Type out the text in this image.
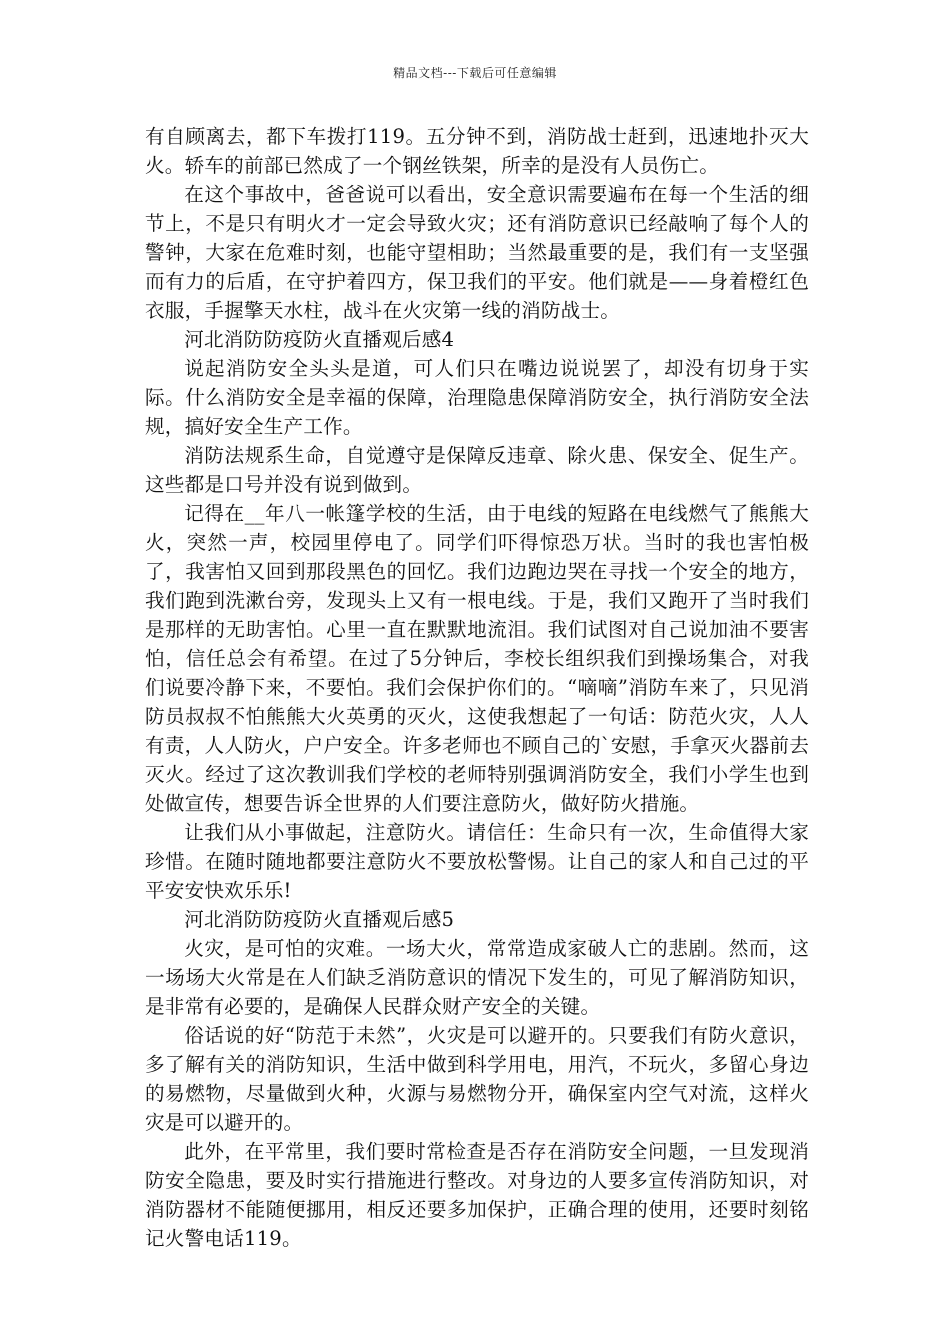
精品文档---下载后可任意编辑

有自顾离去，都下车拨打119。五分钟不到，消防战士赶到，迅速地扑灭大火。轿车的前部已然成了一个钢丝铁架，所幸的是没有人员伤亡。

在这个事故中，爸爸说可以看出，安全意识需要遍布在每一个生活的细节上，不是只有明火才一定会导致火灾；还有消防意识已经敲响了每个人的警钟，大家在危难时刻，也能守望相助；当然最重要的是，我们有一支坚强而有力的后盾，在守护着四方，保卫我们的平安。他们就是——身着橙红色衣服，手握擎天水柱，战斗在火灾第一线的消防战士。

河北消防防疫防火直播观后感4

说起消防安全头头是道，可人们只在嘴边说说罢了，却没有切身于实际。什么消防安全是幸福的保障，治理隐患保障消防安全，执行消防安全法规，搞好安全生产工作。

消防法规系生命，自觉遵守是保障反违章、除火患、保安全、促生产。这些都是口号并没有说到做到。

记得在__年八一帐篷学校的生活，由于电线的短路在电线燃气了熊熊大火，突然一声，校园里停电了。同学们吓得惊恐万状。当时的我也害怕极了，我害怕又回到那段黑色的回忆。我们边跑边哭在寻找一个安全的地方，我们跑到洗漱台旁，发现头上又有一根电线。于是，我们又跑开了当时我们是那样的无助害怕。心里一直在默默地流泪。我们试图对自己说加油不要害怕，信任总会有希望。在过了5分钟后，李校长组织我们到操场集合，对我们说要冷静下来，不要怕。我们会保护你们的。“嘀嘀”消防车来了，只见消防员叔叔不怕熊熊大火英勇的灭火，这使我想起了一句话：防范火灾，人人有责，人人防火，户户安全。许多老师也不顾自己的`安慰，手拿灭火器前去灭火。经过了这次教训我们学校的老师特别强调消防安全，我们小学生也到处做宣传，想要告诉全世界的人们要注意防火，做好防火措施。

让我们从小事做起，注意防火。请信任：生命只有一次，生命值得大家珍惜。在随时随地都要注意防火不要放松警惕。让自己的家人和自己过的平平安安快欢乐乐!

河北消防防疫防火直播观后感5

火灾，是可怕的灾难。一场大火，常常造成家破人亡的悲剧。然而，这一场场大火常是在人们缺乏消防意识的情况下发生的，可见了解消防知识，是非常有必要的，是确保人民群众财产安全的关键。

俗话说的好“防范于未然”，火灾是可以避开的。只要我们有防火意识，多了解有关的消防知识，生活中做到科学用电，用汽，不玩火，多留心身边的易燃物，尽量做到火种，火源与易燃物分开，确保室内空气对流，这样火灾是可以避开的。

此外，在平常里，我们要时常检查是否存在消防安全问题，一旦发现消防安全隐患，要及时实行措施进行整改。对身边的人要多宣传消防知识，对消防器材不能随便挪用，相反还要多加保护，正确合理的使用，还要时刻铭记火警电话119。
